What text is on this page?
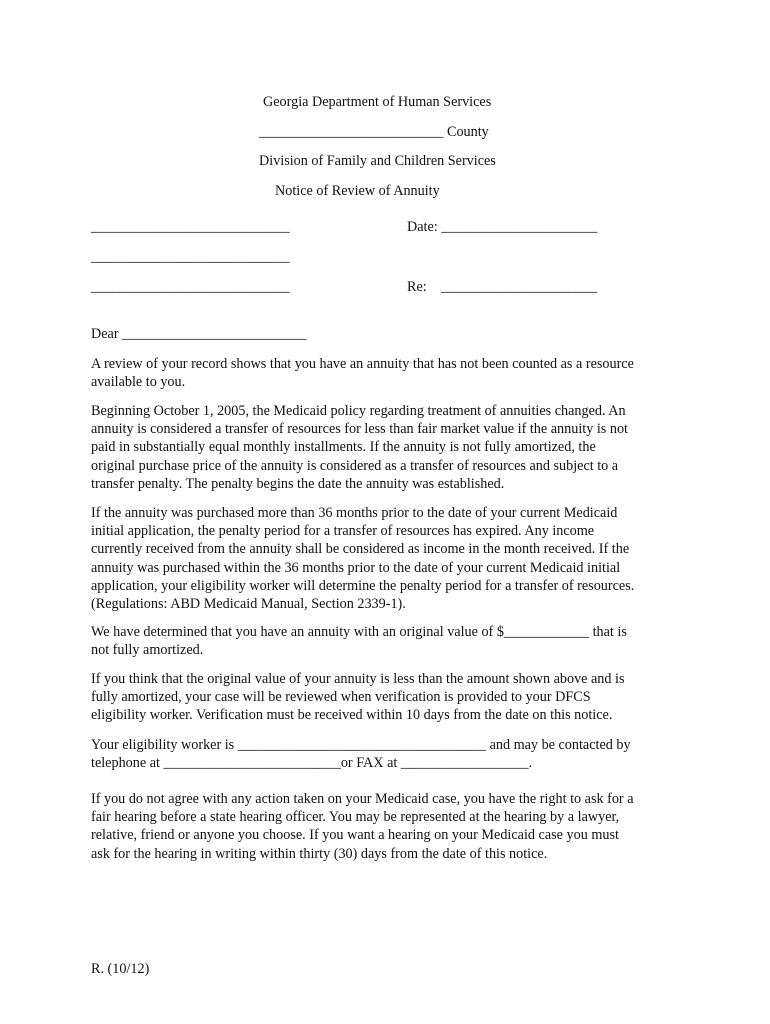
Georgia Department of Human Services
__________________________ County
Division of Family and Children Services
Notice of Review of Annuity
____________________________	Date: ______________________
____________________________
____________________________	Re:    ______________________
Dear __________________________
A review of your record shows that you have an annuity that has not been counted as a resource
available to you.
Beginning October 1, 2005, the Medicaid policy regarding treatment of annuities changed. An
annuity is considered a transfer of resources for less than fair market value if the annuity is not
paid in substantially equal monthly installments. If the annuity is not fully amortized, the
original purchase price of the annuity is considered as a transfer of resources and subject to a
transfer penalty. The penalty begins the date the annuity was established.
If the annuity was purchased more than 36 months prior to the date of your current Medicaid
initial application, the penalty period for a transfer of resources has expired. Any income
currently received from the annuity shall be considered as income in the month received. If the
annuity was purchased within the 36 months prior to the date of your current Medicaid initial
application, your eligibility worker will determine the penalty period for a transfer of resources.
(Regulations: ABD Medicaid Manual, Section 2339-1).
We have determined that you have an annuity with an original value of $____________ that is
not fully amortized.
If you think that the original value of your annuity is less than the amount shown above and is
fully amortized, your case will be reviewed when verification is provided to your DFCS
eligibility worker. Verification must be received within 10 days from the date on this notice.
Your eligibility worker is ___________________________________ and may be contacted by
telephone at _________________________or FAX at __________________.
If you do not agree with any action taken on your Medicaid case, you have the right to ask for a
fair hearing before a state hearing officer. You may be represented at the hearing by a lawyer,
relative, friend or anyone you choose. If you want a hearing on your Medicaid case you must
ask for the hearing in writing within thirty (30) days from the date of this notice.
R. (10/12)
